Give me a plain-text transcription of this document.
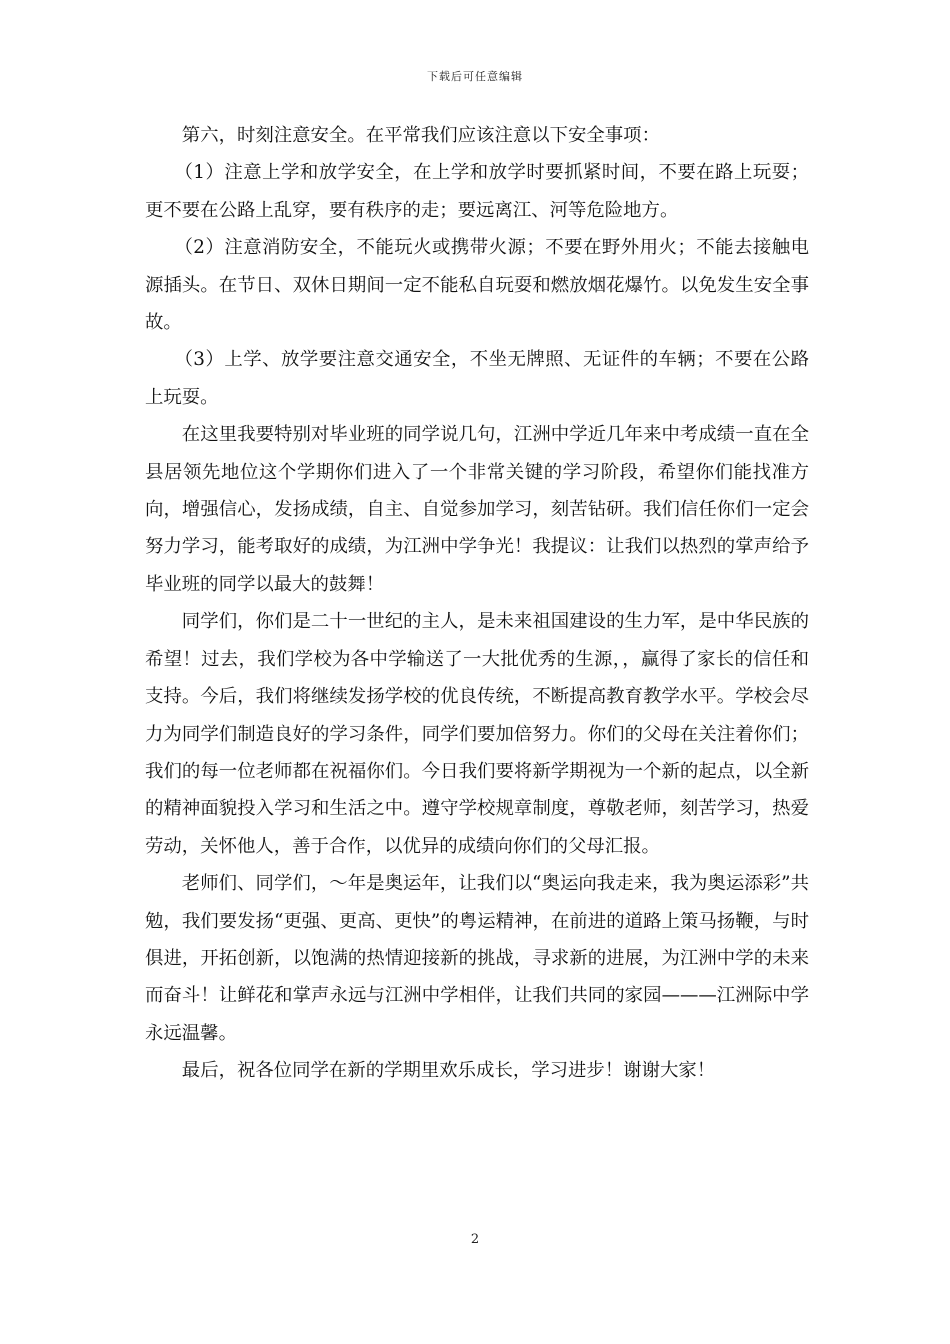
下载后可任意编辑

第六，时刻注意安全。在平常我们应该注意以下安全事项：

（1）注意上学和放学安全，在上学和放学时要抓紧时间，不要在路上玩耍；更不要在公路上乱穿，要有秩序的走；要远离江、河等危险地方。

（2）注意消防安全，不能玩火或携带火源；不要在野外用火；不能去接触电源插头。在节日、双休日期间一定不能私自玩耍和燃放烟花爆竹。以免发生安全事故。

（3）上学、放学要注意交通安全，不坐无牌照、无证件的车辆；不要在公路上玩耍。

在这里我要特别对毕业班的同学说几句，江洲中学近几年来中考成绩一直在全县居领先地位这个学期你们进入了一个非常关键的学习阶段，希望你们能找准方向，增强信心，发扬成绩，自主、自觉参加学习，刻苦钻研。我们信任你们一定会努力学习，能考取好的成绩，为江洲中学争光！我提议：让我们以热烈的掌声给予毕业班的同学以最大的鼓舞！

同学们，你们是二十一世纪的主人，是未来祖国建设的生力军，是中华民族的希望！过去，我们学校为各中学输送了一大批优秀的生源，，赢得了家长的信任和支持。今后，我们将继续发扬学校的优良传统，不断提高教育教学水平。学校会尽力为同学们制造良好的学习条件，同学们要加倍努力。你们的父母在关注着你们；我们的每一位老师都在祝福你们。今日我们要将新学期视为一个新的起点，以全新的精神面貌投入学习和生活之中。遵守学校规章制度，尊敬老师，刻苦学习，热爱劳动，关怀他人，善于合作，以优异的成绩向你们的父母汇报。

老师们、同学们，～年是奥运年，让我们以“奥运向我走来，我为奥运添彩”共勉，我们要发扬“更强、更高、更快”的粤运精神，在前进的道路上策马扬鞭，与时俱进，开拓创新，以饱满的热情迎接新的挑战，寻求新的进展，为江洲中学的未来而奋斗！让鲜花和掌声永远与江洲中学相伴，让我们共同的家园———江洲际中学永远温馨。

最后，祝各位同学在新的学期里欢乐成长，学习进步！谢谢大家！

2
